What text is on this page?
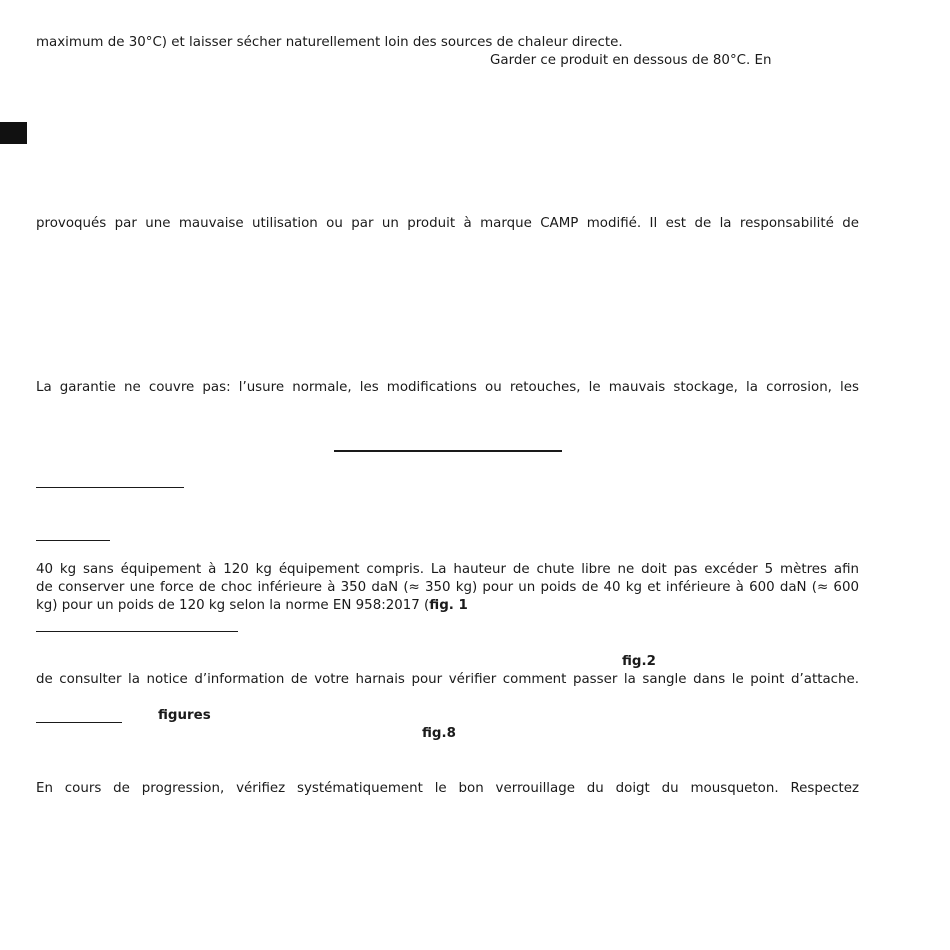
maximum de 30°C) et laisser sécher naturellement loin des sources de chaleur directe.

Garder ce produit en dessous de 80°C. En

provoqués par une mauvaise utilisation ou par un produit à marque CAMP modifié. Il est de la responsabilité de

La garantie ne couvre pas: l’usure normale, les modifications ou retouches, le mauvais stockage, la corrosion, les

40 kg sans équipement à 120 kg équipement compris. La hauteur de chute libre ne doit pas excéder 5 mètres afin
de conserver une force de choc inférieure à 350 daN (≈ 350 kg) pour un poids de 40 kg et inférieure à 600 daN (≈ 600
kg) pour un poids de 120 kg selon la norme EN 958:2017 (fig. 1

fig.2

de consulter la notice d’information de votre harnais pour vérifier comment passer la sangle dans le point d’attache.

figures

fig.8

En cours de progression, vérifiez systématiquement le bon verrouillage du doigt du mousqueton. Respectez
